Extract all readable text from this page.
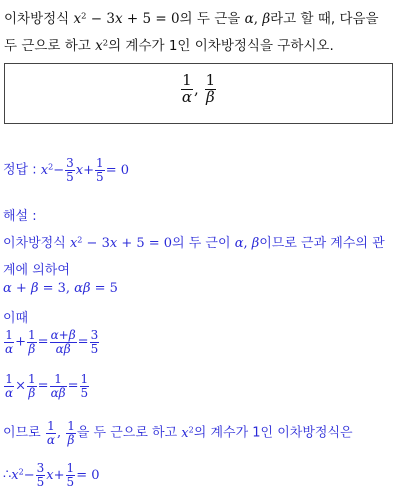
이차방정식 $x^2 - 3x + 5 = 0$의 두 근을 α, β라고 할 때, 다음을
두 근으로 하고 $x^2$의 계수가 1인 이차방정식을 구하시오.
$\frac{1}{\alpha}$ , $\frac{1}{\beta}$
정답 : $x^2- \frac{3}{5} x+ \frac{1}{5} = 0$
해설 :
이차방정식 $x^2 - 3x + 5 = 0$의 두 근이 α, β이므로 근과 계수의 관
계에 의하여
α + β = 3, αβ = 5
이때
$\frac{1}{\alpha} + \frac{1}{\beta} = \frac{\alpha+\beta}{\alpha\beta} = \frac{3}{5}$
$\frac{1}{\alpha} \times \frac{1}{\beta} = \frac{1}{\alpha\beta} = \frac{1}{5}$
이므로 $\frac{1}{\alpha}$ , $\frac{1}{\beta}$ 을 두 근으로 하고 $x^2$의 계수가 1인 이차방정식은
$\therefore x^2- \frac{3}{5} x+ \frac{1}{5} = 0$
